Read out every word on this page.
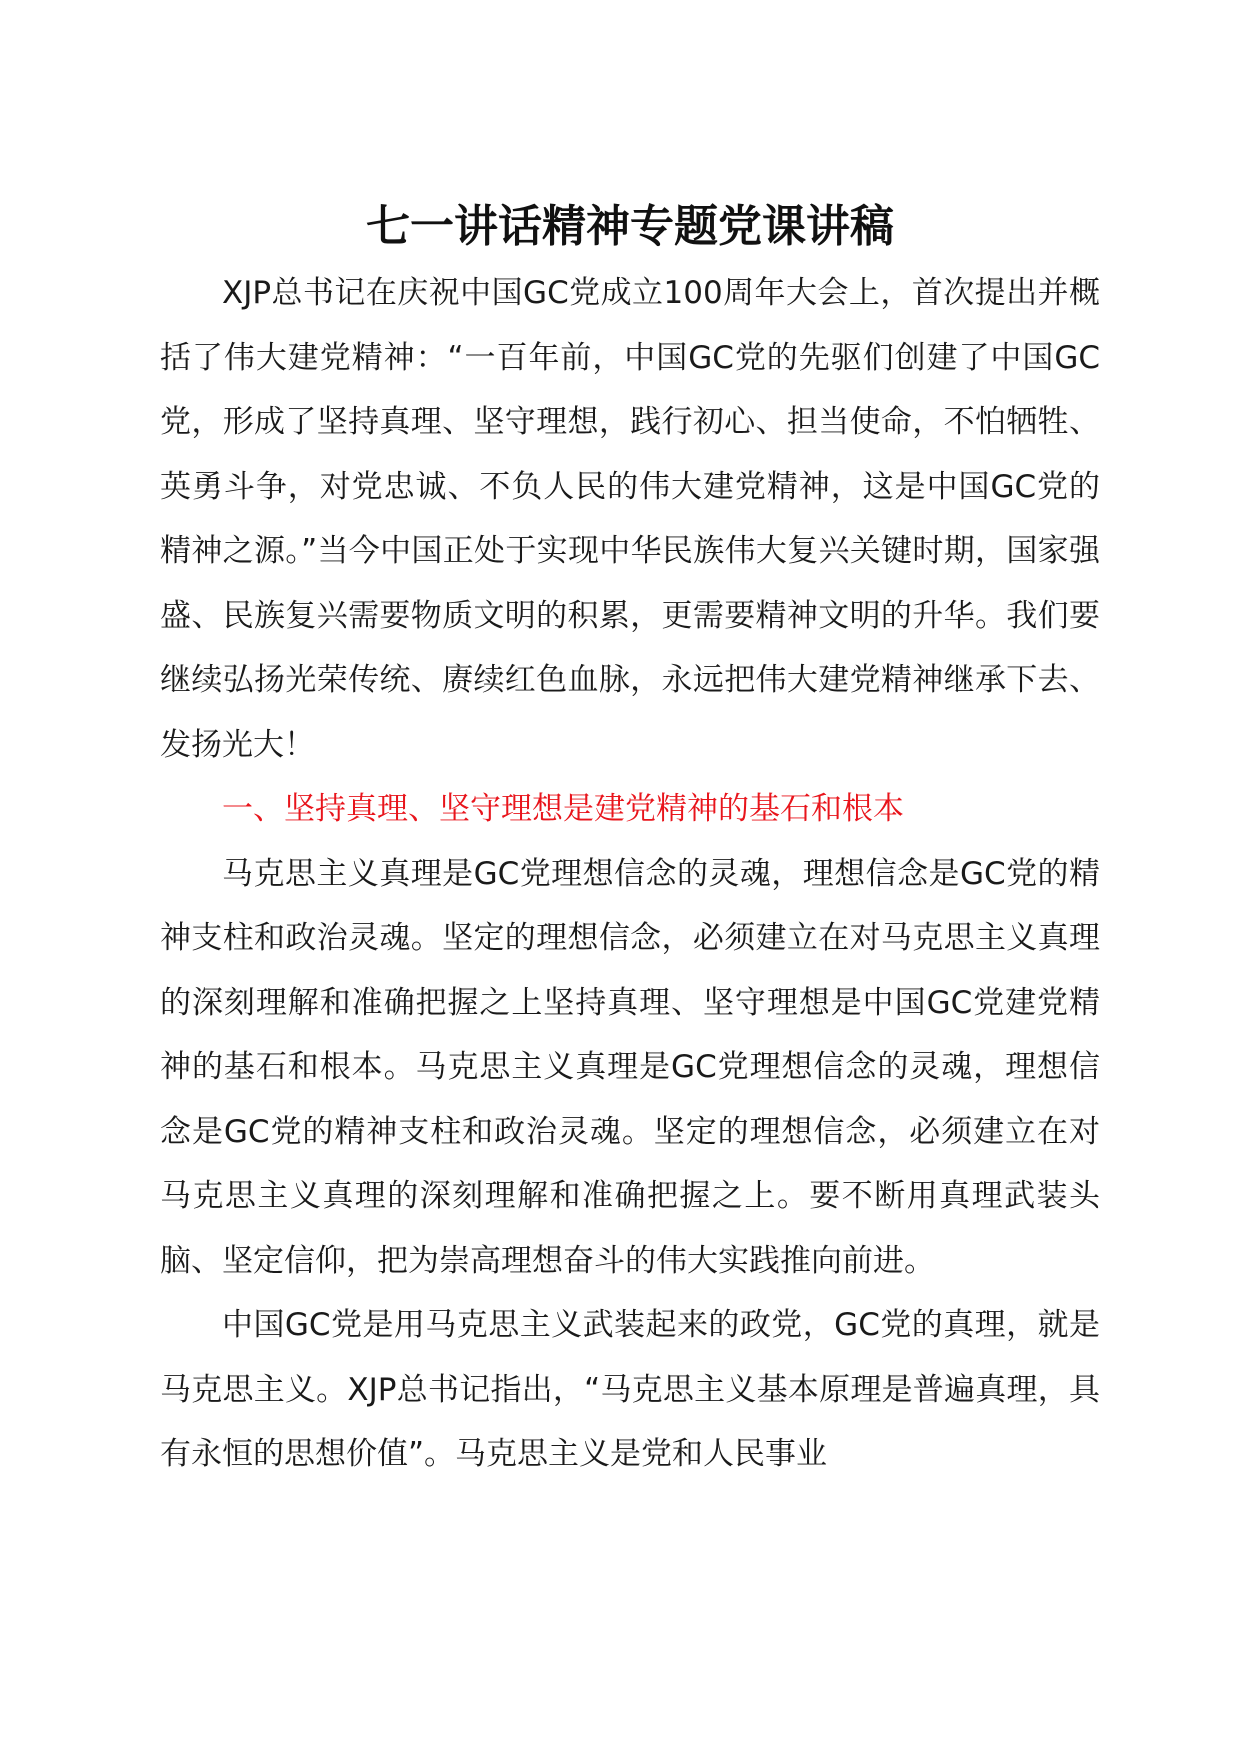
七一讲话精神专题党课讲稿

XJP总书记在庆祝中国GC党成立100周年大会上，首次提出并概括了伟大建党精神：“一百年前，中国GC党的先驱们创建了中国GC党，形成了坚持真理、坚守理想，践行初心、担当使命，不怕牺牲、英勇斗争，对党忠诚、不负人民的伟大建党精神，这是中国GC党的精神之源。”当今中国正处于实现中华民族伟大复兴关键时期，国家强盛、民族复兴需要物质文明的积累，更需要精神文明的升华。我们要继续弘扬光荣传统、赓续红色血脉，永远把伟大建党精神继承下去、发扬光大！

一、坚持真理、坚守理想是建党精神的基石和根本

马克思主义真理是GC党理想信念的灵魂，理想信念是GC党的精神支柱和政治灵魂。坚定的理想信念，必须建立在对马克思主义真理的深刻理解和准确把握之上坚持真理、坚守理想是中国GC党建党精神的基石和根本。马克思主义真理是GC党理想信念的灵魂，理想信念是GC党的精神支柱和政治灵魂。坚定的理想信念，必须建立在对马克思主义真理的深刻理解和准确把握之上。要不断用真理武装头脑、坚定信仰，把为崇高理想奋斗的伟大实践推向前进。

中国GC党是用马克思主义武装起来的政党，GC党的真理，就是马克思主义。XJP总书记指出，“马克思主义基本原理是普遍真理，具有永恒的思想价值”。马克思主义是党和人民事业
